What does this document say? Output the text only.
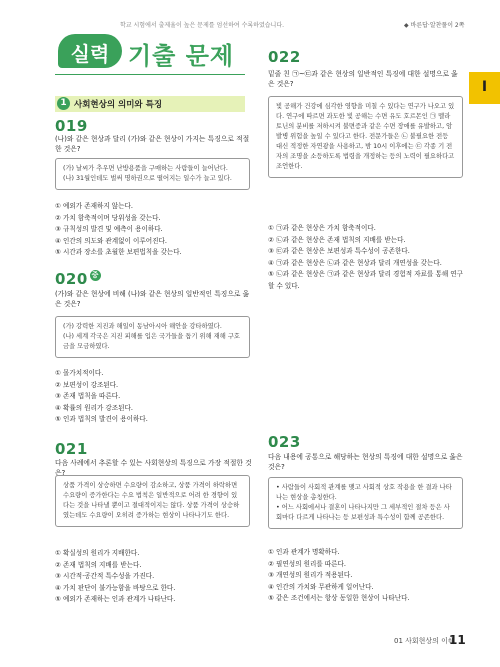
학교 시험에서 출제율이 높은 문제를 엄선하여 수록하였습니다.	◆ 바른답·알찬풀이 2쪽
실력 기출 문제
I
1 사회현상의 의미와 특징
019
(나)와 같은 현상과 달리 (가)와 같은 현상이 가지는 특징으로 적절한 것은?
(가) 날씨가 추우면 난방용품을 구매하는 사람들이 늘어난다.
(나) 31월인데도 벌써 명하권으로 떨어지는 일수가 늘고 있다.
① 예외가 존재하지 않는다.
② 가치 함축적이며 당위성을 갖는다.
③ 규칙성의 발견 및 예측이 용이하다.
④ 인간의 의도와 관계없이 이루어진다.
⑤ 시간과 장소를 초월한 보편법칙을 갖는다.
020 중
(가)와 같은 현상에 비해 (나)와 같은 현상의 일반적인 특징으로 옳은 것은?
(가) 강력한 지진과 해일이 동남아시아 해안을 강타하였다.
(나) 세계 각국은 지진 피해를 입은 국가들을 돕기 위해 재해 구호금을 모금하였다.
① 몰가치적이다.
② 보편성이 강조된다.
③ 존재 법칙을 따른다.
④ 확률의 원리가 강조된다.
⑤ 인과 법칙의 발견이 용이하다.
021
다음 사례에서 추론할 수 있는 사회현상의 특징으로 가장 적절한 것은?
상품 가격이 상승하면 수요량이 감소하고, 상품 가격이 하락하면 수요량이 증가한다는 수요 법칙은 일반적으로 어려 한 경향이 있다는 것을 나타낼 뿐이고 절대적이지는 않다. 상품 가격이 상승하였는데도 수요량이 오히려 증가하는 현상이 나타나기도 한다.
① 확실성의 원리가 지배한다.
② 존재 법칙의 지배를 받는다.
③ 시간적·공간적 특수성을 가진다.
④ 가치 판단이 불가능함을 바탕으로 한다.
⑤ 예외가 존재하는 인과 관계가 나타난다.
022
밑줄 친 ㉠~㉢과 같은 현상의 일반적인 특징에 대한 설명으로 옳은 것은?
빛 공해가 건강에 심각한 영향을 미칠 수 있다는 연구가 나오고 있다. 연구에 따르면 과도한 빛 공해는 수면 유도 호르몬인 ㉠ 멜라토닌의 분비를 저하시켜 불면증과 같은 수면 장애를 유발하고, 암 발병 위험을 높일 수 있다고 한다. 전문가들은 ㉡ 불필요한 전등 대신 적정한 자연광을 사용하고, 밤 10시 이후에는 ㉢ 각종 기 전자의 조명을 소등하도록 법령을 개정하는 등의 노력이 필요하다고 조언한다.
① ㉠과 같은 현상은 가치 함축적이다.
② ㉡과 같은 현상은 존재 법칙의 지배를 받는다.
③ ㉢과 같은 현상은 보편성과 특수성이 공존한다.
④ ㉠과 같은 현상은 ㉡과 같은 현상과 달리 개연성을 갖는다.
⑤ ㉡과 같은 현상은 ㉠과 같은 현상과 달리 경험적 자료를 통해 연구할 수 있다.
023
다음 내용에 공통으로 해당하는 현상의 특징에 대한 설명으로 옳은 것은?
• 사람들이 사회적 관계를 맺고 사회적 상호 작용을 한 결과 나타나는 현상을 총칭한다.
• 어느 사회에서나 결혼이 나타나지만 그 세부적인 절차 등은 사회마다 다르게 나타나는 등 보편성과 특수성이 함께 공존한다.
① 인과 관계가 명확하다.
② 필연성의 원리를 따른다.
③ 개연성의 원리가 적용된다.
④ 인간의 가치와 무관하게 일어난다.
⑤ 같은 조건에서는 항상 동일한 현상이 나타난다.
01 사회현상의 이해
11
